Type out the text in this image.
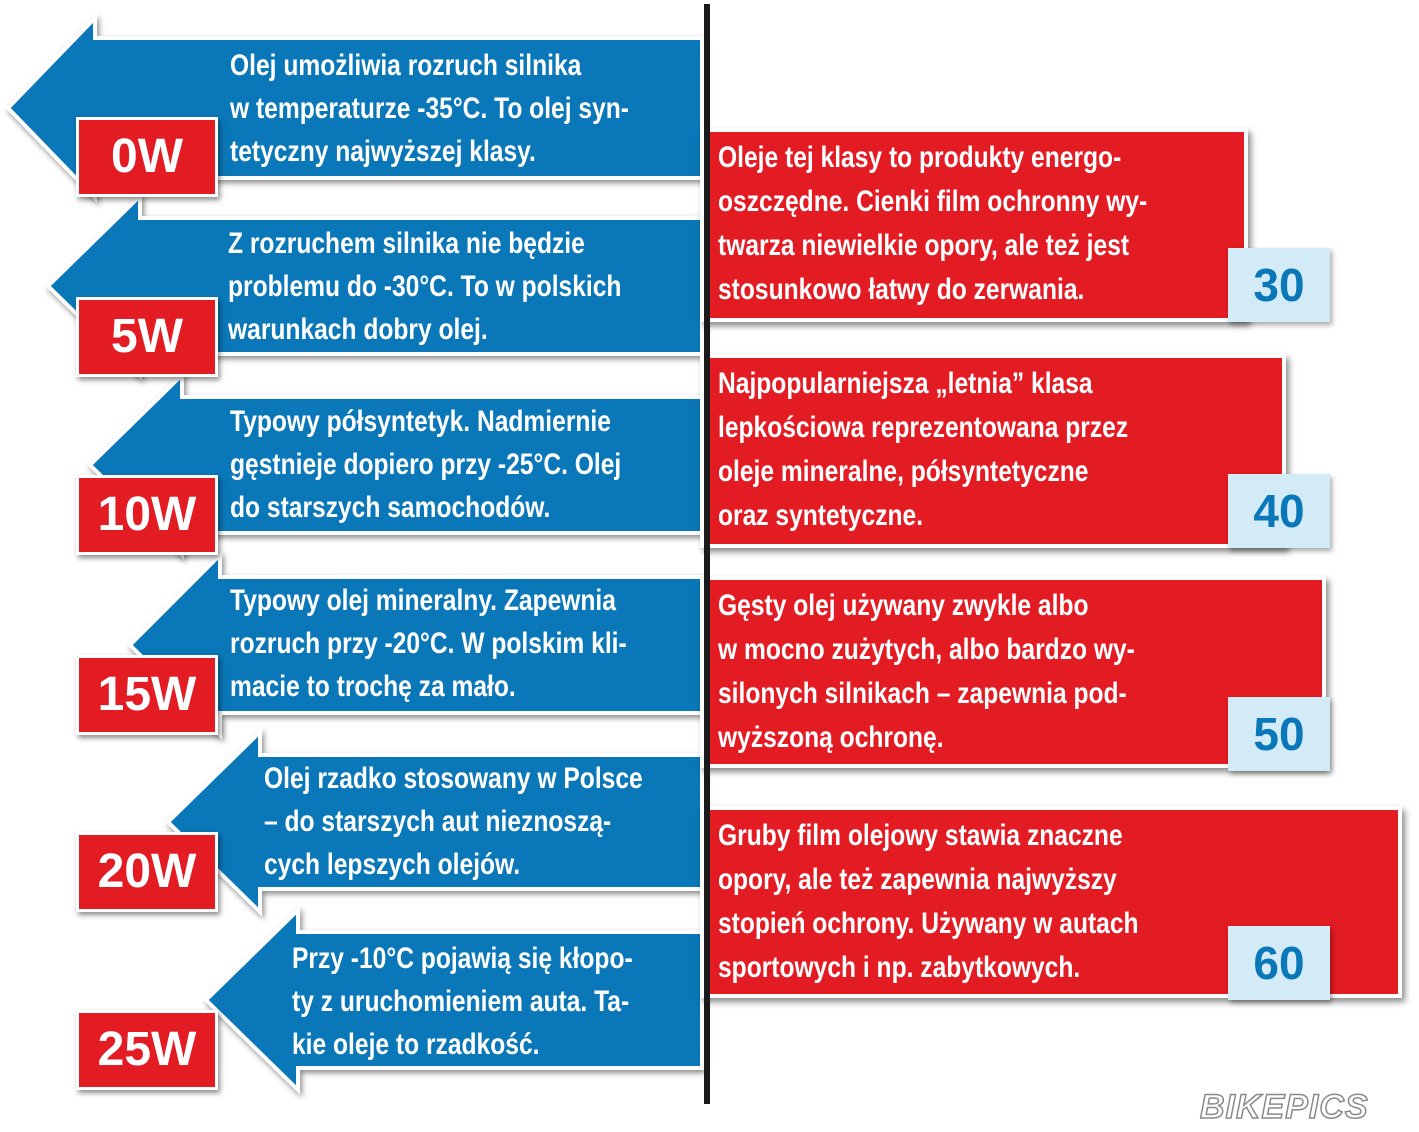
Olej umożliwia rozruch silnika
w temperaturze -35°C. To olej syn-
tetyczny najwyższej klasy.
Z rozruchem silnika nie będzie
problemu do -30°C. To w polskich
warunkach dobry olej.
Typowy półsyntetyk. Nadmiernie
gęstnieje dopiero przy -25°C. Olej
do starszych samochodów.
Typowy olej mineralny. Zapewnia
rozruch przy -20°C. W polskim kli-
macie to trochę za mało.
Olej rzadko stosowany w Polsce
– do starszych aut nieznoszą-
cych lepszych olejów.
Przy -10°C pojawią się kłopo-
ty z uruchomieniem auta. Ta-
kie oleje to rzadkość.
0W
5W
10W
15W
20W
25W
Oleje tej klasy to produkty energo-
oszczędne. Cienki film ochronny wy-
twarza niewielkie opory, ale też jest
stosunkowo łatwy do zerwania.	30
Najpopularniejsza „letnia” klasa
lepkościowa reprezentowana przez
oleje mineralne, półsyntetyczne
oraz syntetyczne.	40
Gęsty olej używany zwykle albo
w mocno zużytych, albo bardzo wy-
silonych silnikach – zapewnia pod-
wyższoną ochronę.	50
Gruby film olejowy stawia znaczne
opory, ale też zapewnia najwyższy
stopień ochrony. Używany w autach
sportowych i np. zabytkowych.	60
BIKEPICS
